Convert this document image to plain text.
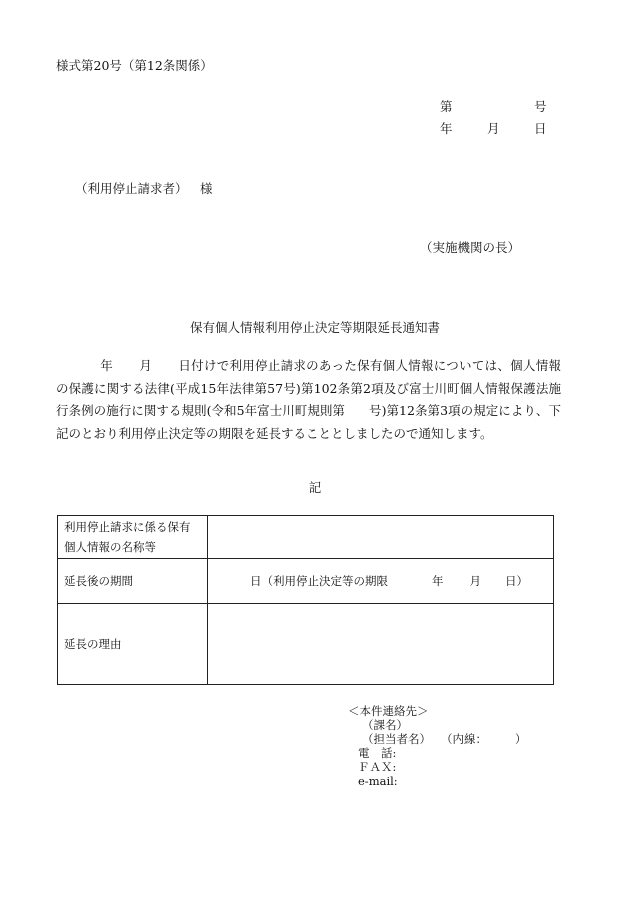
様式第20号（第12条関係）
第	号
年	月	日
（利用停止請求者） 様
（実施機関の長）
保有個人情報利用停止決定等期限延長通知書
年 月 日付けで利用停止請求のあった保有個人情報については、個人情報の保護に関する法律(平成15年法律第57号)第102条第2項及び富士川町個人情報保護法施行条例の施行に関する規則(令和5年富士川町規則第 号)第12条第3項の規定により、下記のとおり利用停止決定等の期限を延長することとしましたので通知します。
記
利用停止請求に係る保有個人情報の名称等	
延長後の期間	日（利用停止決定等の期限 年 月 日）
延長の理由	
＜本件連絡先＞
（課名）
（担当者名） （内線： ）
電　話:
ＦＡＸ:
e-mail:
